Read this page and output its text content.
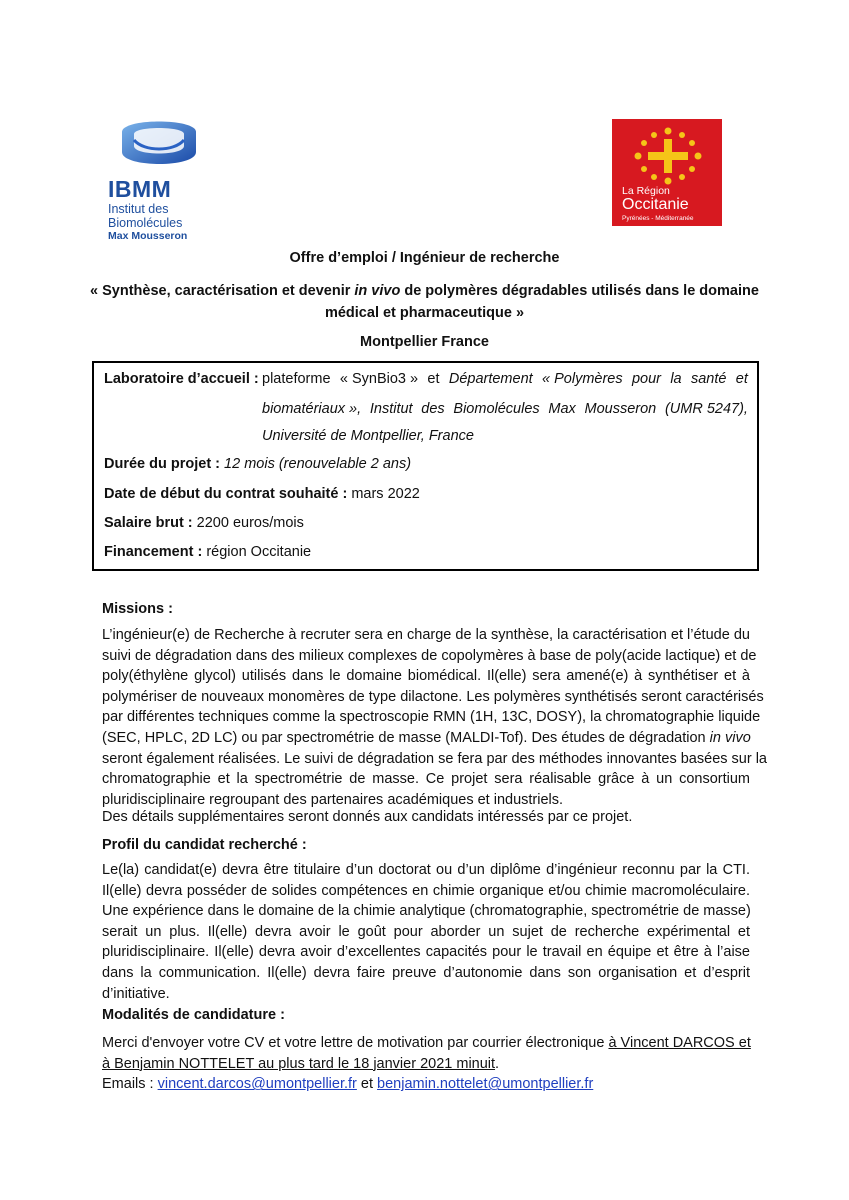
IBMM
Institut des
Biomolécules
Max Mousseron
La Région
Occitanie
Pyrénées - Méditerranée
Offre d’emploi / Ingénieur de recherche
« Synthèse, caractérisation et devenir in vivo de polymères dégradables utilisés dans le domaine
médical et pharmaceutique »
Montpellier France
Laboratoire d’accueil : plateforme « SynBio3 » et Département « Polymères pour la santé et
biomatériaux », Institut des Biomolécules Max Mousseron (UMR 5247),
Université de Montpellier, France
Durée du projet : 12 mois (renouvelable 2 ans)
Date de début du contrat souhaité : mars 2022
Salaire brut : 2200 euros/mois
Financement : région Occitanie
Missions :
L’ingénieur(e) de Recherche à recruter sera en charge de la synthèse, la caractérisation et l’étude du
suivi de dégradation dans des milieux complexes de copolymères à base de poly(acide lactique) et de
poly(éthylène glycol) utilisés dans le domaine biomédical. Il(elle) sera amené(e) à synthétiser et à
polymériser de nouveaux monomères de type dilactone. Les polymères synthétisés seront caractérisés
par différentes techniques comme la spectroscopie RMN (1H, 13C, DOSY), la chromatographie liquide
(SEC, HPLC, 2D LC) ou par spectrométrie de masse (MALDI-Tof). Des études de dégradation in vivo
seront également réalisées. Le suivi de dégradation se fera par des méthodes innovantes basées sur la
chromatographie et la spectrométrie de masse. Ce projet sera réalisable grâce à un consortium
pluridisciplinaire regroupant des partenaires académiques et industriels.
Des détails supplémentaires seront donnés aux candidats intéressés par ce projet.
Profil du candidat recherché :
Le(la) candidat(e) devra être titulaire d’un doctorat ou d’un diplôme d’ingénieur reconnu par la CTI.
Il(elle) devra posséder de solides compétences en chimie organique et/ou chimie macromoléculaire.
Une expérience dans le domaine de la chimie analytique (chromatographie, spectrométrie de masse)
serait un plus. Il(elle) devra avoir le goût pour aborder un sujet de recherche expérimental et
pluridisciplinaire. Il(elle) devra avoir d’excellentes capacités pour le travail en équipe et être à l’aise
dans la communication. Il(elle) devra faire preuve d’autonomie dans son organisation et d’esprit
d’initiative.
Modalités de candidature :
Merci d'envoyer votre CV et votre lettre de motivation par courrier électronique à Vincent DARCOS et
à Benjamin NOTTELET au plus tard le 18 janvier 2021 minuit.
Emails : vincent.darcos@umontpellier.fr et benjamin.nottelet@umontpellier.fr
